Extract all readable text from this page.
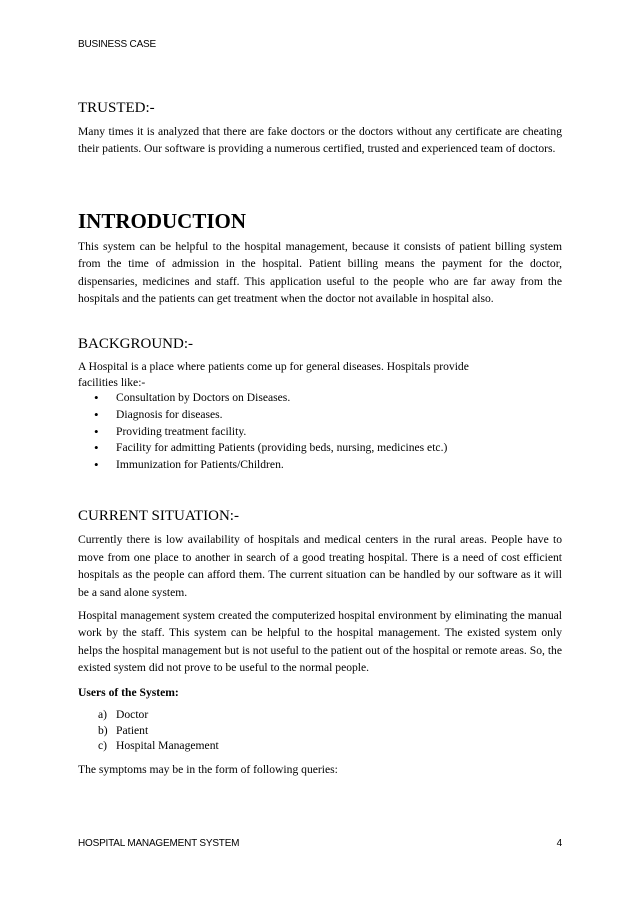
BUSINESS CASE
TRUSTED:-

Many times it is analyzed that there are fake doctors or the doctors without any certificate are cheating their patients. Our software is providing a numerous certified, trusted and experienced team of doctors.

INTRODUCTION

This system can be helpful to the hospital management, because it consists of patient billing system from the time of admission in the hospital. Patient billing means the payment for the doctor, dispensaries, medicines and staff. This application useful to the people who are far away from the hospitals and the patients can get treatment when the doctor not available in hospital also.

BACKGROUND:-
A Hospital is a place where patients come up for general diseases. Hospitals provide
facilities like:-
• Consultation by Doctors on Diseases.
• Diagnosis for diseases.
• Providing treatment facility.
• Facility for admitting Patients (providing beds, nursing, medicines etc.)
• Immunization for Patients/Children.
CURRENT SITUATION:-

Currently there is low availability of hospitals and medical centers in the rural areas. People have to move from one place to another in search of a good treating hospital. There is a need of cost efficient hospitals as the people can afford them. The current situation can be handled by our software as it will be a sand alone system.

Hospital management system created the computerized hospital environment by eliminating the manual work by the staff. This system can be helpful to the hospital management. The existed system only helps the hospital management but is not useful to the patient out of the hospital or remote areas. So, the existed system did not prove to be useful to the normal people.

Users of the System:
a) Doctor
b) Patient
c) Hospital Management
The symptoms may be in the form of following queries:
HOSPITAL MANAGEMENT SYSTEM	4
